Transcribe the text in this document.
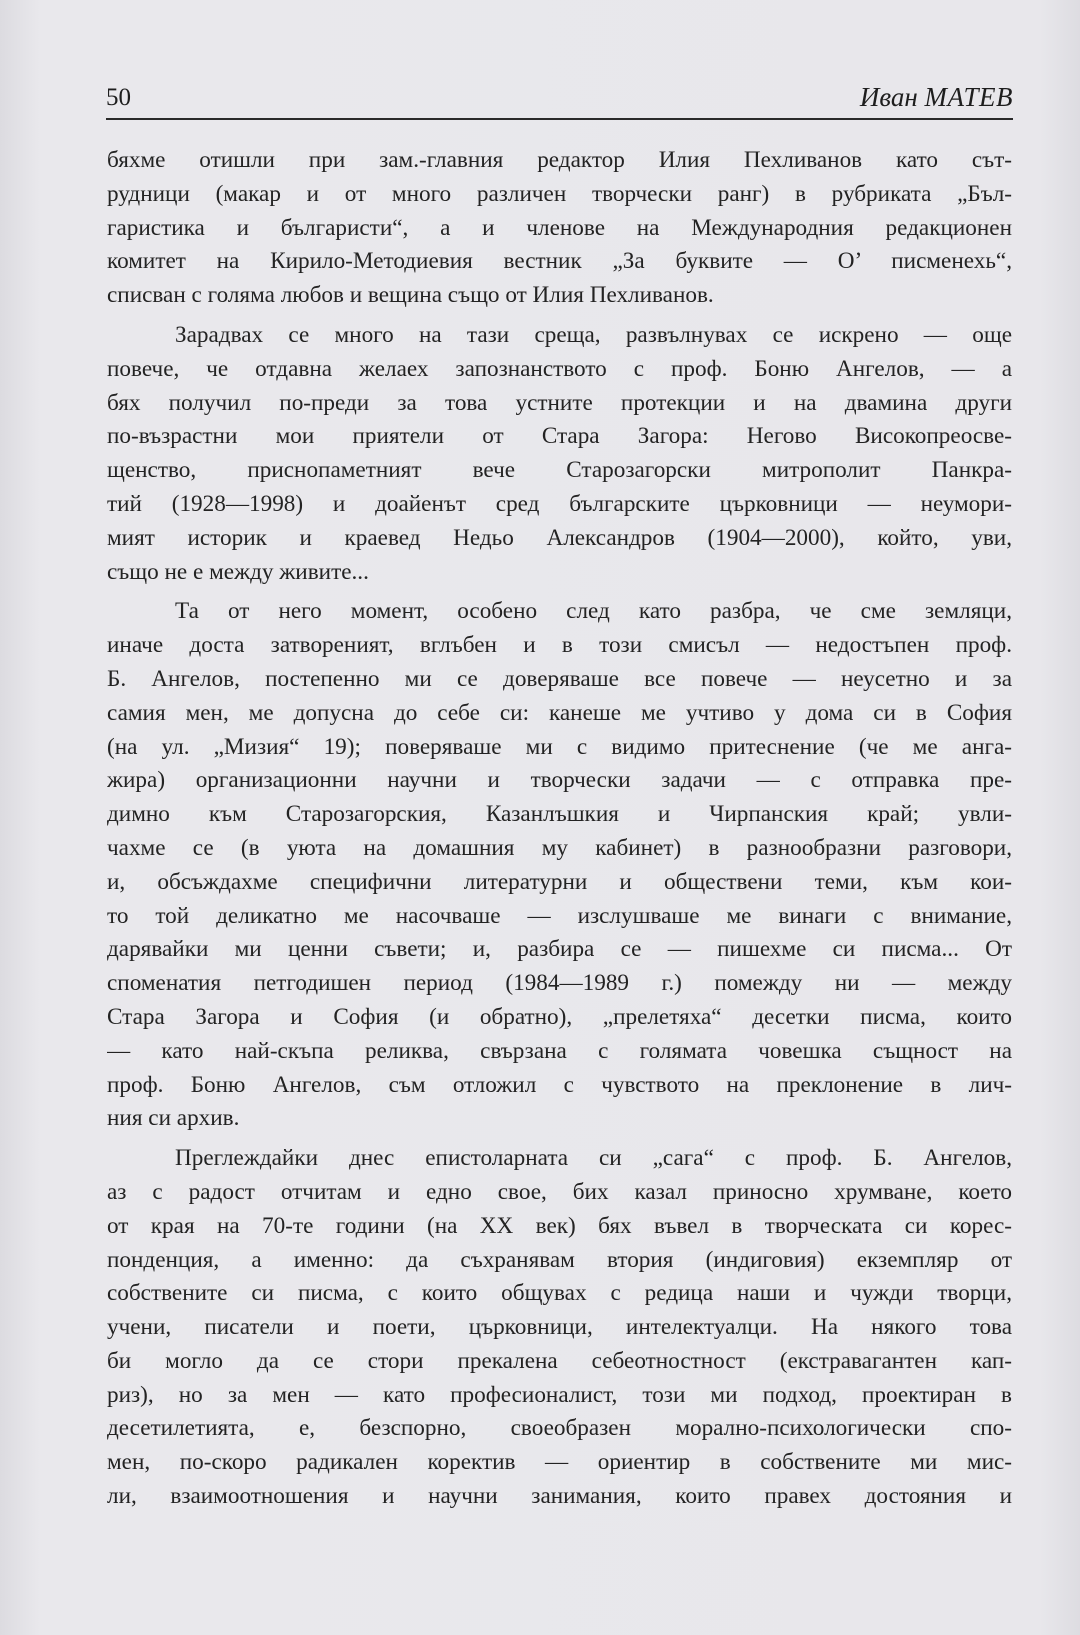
50	Иван МАТЕВ

бяхме отишли при зам.-главния редактор Илия Пехливанов като сът-
рудници (макар и от много различен творчески ранг) в рубриката „Бъл-
гаристика и българисти“, а и членове на Международния редакционен
комитет на Кирило-Методиевия вестник „За буквите — О’ писменехь“,
списван с голяма любов и вещина също от Илия Пехливанов.

Зарадвах се много на тази среща, развълнувах се искрено — още
повече, че отдавна желаех запознанството с проф. Боню Ангелов, — а
бях получил по-преди за това устните протекции и на двамина други
по-възрастни мои приятели от Стара Загора: Негово Високопреосве-
щенство, приснопаметният вече Старозагорски митрополит Панкра-
тий (1928—1998) и доайенът сред българските църковници — неумори-
мият историк и краевед Недьо Александров (1904—2000), който, уви,
също не е между живите...

Та от него момент, особено след като разбра, че сме земляци,
иначе доста затвореният, вглъбен и в този смисъл — недостъпен проф.
Б. Ангелов, постепенно ми се доверяваше все повече — неусетно и за
самия мен, ме допусна до себе си: канеше ме учтиво у дома си в София
(на ул. „Мизия“ 19); поверяваше ми с видимо притеснение (че ме анга-
жира) организационни научни и творчески задачи — с отправка пре-
димно към Старозагорския, Казанлъшкия и Чирпанския край; увли-
чахме се (в уюта на домашния му кабинет) в разнообразни разговори,
и, обсъждахме специфични литературни и обществени теми, към кои-
то той деликатно ме насочваше — изслушваше ме винаги с внимание,
дарявайки ми ценни съвети; и, разбира се — пишехме си писма... От
споменатия петгодишен период (1984—1989 г.) помежду ни — между
Стара Загора и София (и обратно), „прелетяха“ десетки писма, които
— като най-скъпа реликва, свързана с голямата човешка същност на
проф. Боню Ангелов, съм отложил с чувството на преклонение в лич-
ния си архив.

Преглеждайки днес епистоларната си „сага“ с проф. Б. Ангелов,
аз с радост отчитам и едно свое, бих казал приносно хрумване, което
от края на 70-те години (на XX век) бях въвел в творческата си корес-
понденция, а именно: да съхранявам втория (индиговия) екземпляр от
собствените си писма, с които общувах с редица наши и чужди творци,
учени, писатели и поети, църковници, интелектуалци. На някого това
би могло да се стори прекалена себеотностност (екстравагантен кап-
риз), но за мен — като професионалист, този ми подход, проектиран в
десетилетията, е, безспорно, своеобразен морално-психологически спо-
мен, по-скоро радикален коректив — ориентир в собствените ми мис-
ли, взаимоотношения и научни занимания, които правех достояния и
